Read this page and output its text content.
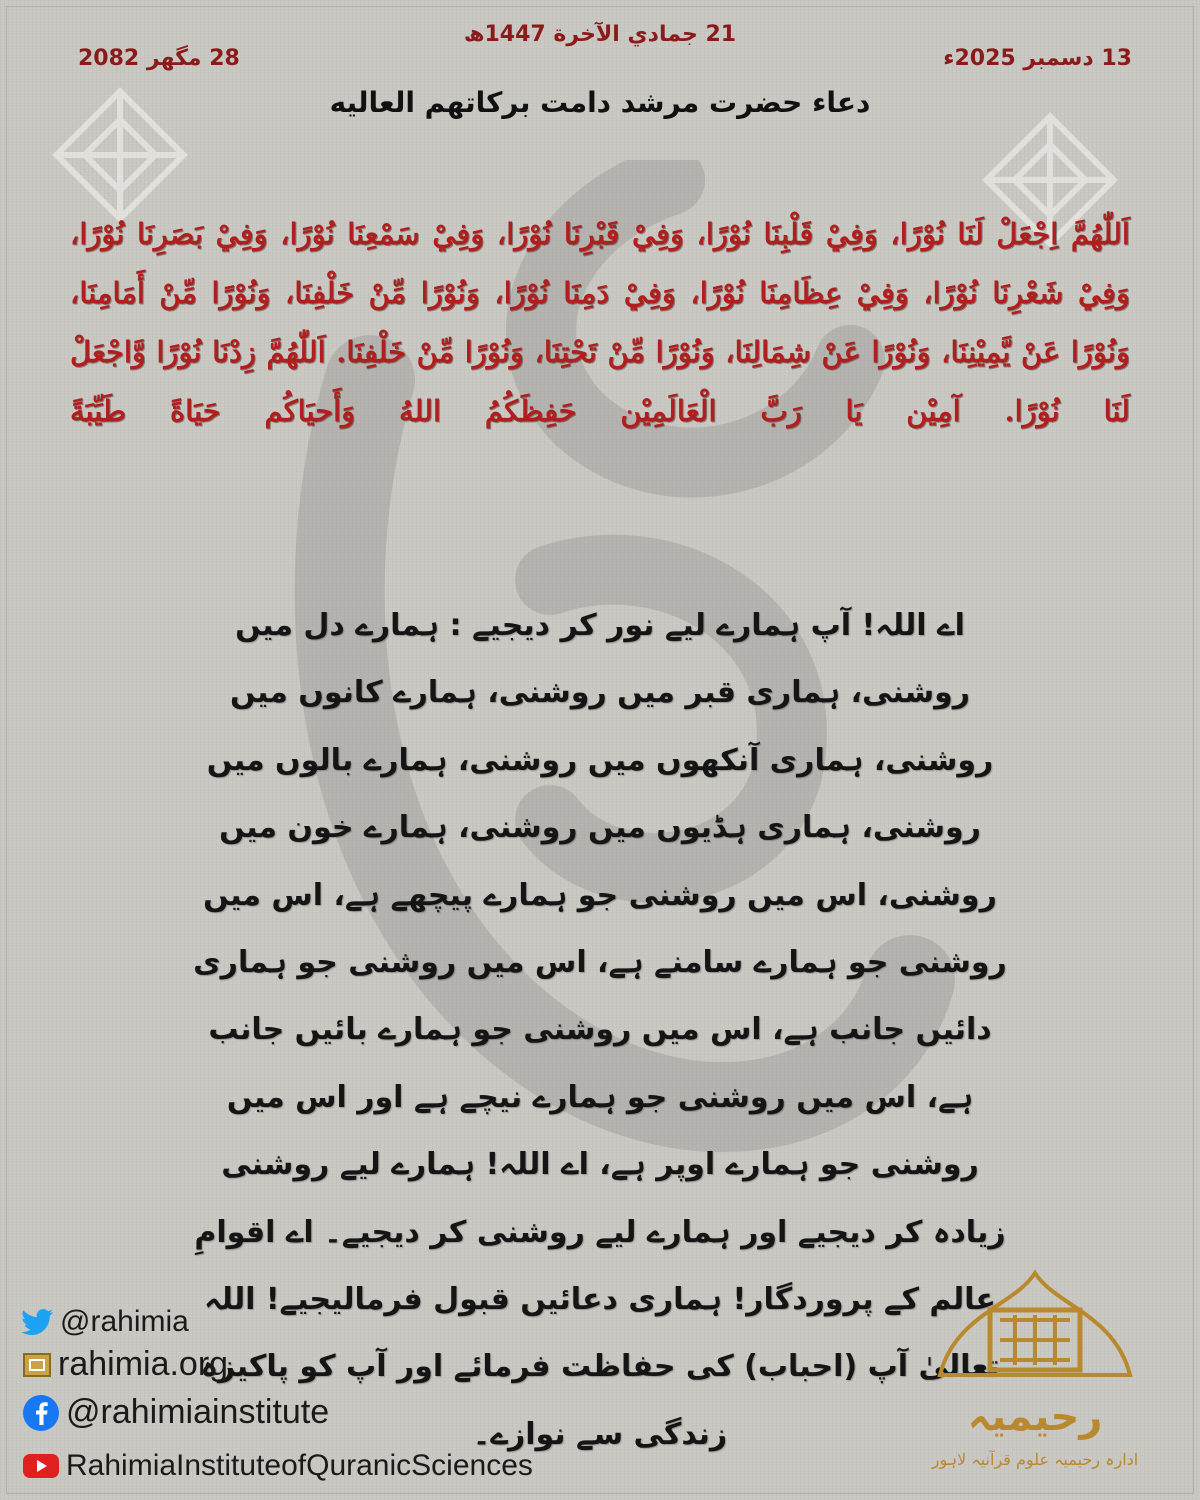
21 جمادي الآخرة 1447ھ
28 مگھر 2082	13 دسمبر 2025ء
دعاء حضرت مرشد دامت برکاتهم العاليه
اَللّٰهُمَّ اِجْعَلْ لَنَا نُوْرًا، وَفِيْ قَلْبِنَا نُوْرًا، وَفِيْ قَبْرِنَا نُوْرًا، وَفِيْ سَمْعِنَا نُوْرًا، وَفِيْ بَصَرِنَا نُوْرًا، وَفِيْ شَعْرِنَا نُوْرًا، وَفِيْ عِظَامِنَا نُوْرًا، وَفِيْ دَمِنَا نُوْرًا، وَنُوْرًا مِّنْ خَلْفِنَا، وَنُوْرًا مِّنْ أَمَامِنَا، وَنُوْرًا عَنْ يَّمِيْنِنَا، وَنُوْرًا عَنْ شِمَالِنَا، وَنُوْرًا مِّنْ تَحْتِنَا، وَنُوْرًا مِّنْ خَلْفِنَا. اَللّٰهُمَّ زِدْنَا نُوْرًا وَّاجْعَلْ لَنَا نُوْرًا. آمِيْن يَا رَبَّ الْعَالَمِيْن حَفِظَكُمُ اللهُ وَأَحيَاكُم حَيَاةً طَيِّبَةً
اے اللہ! آپ ہمارے لیے نور کر دیجیے : ہمارے دل میں روشنی، ہماری قبر میں روشنی، ہمارے کانوں میں روشنی، ہماری آنکھوں میں روشنی، ہمارے بالوں میں روشنی، ہماری ہڈیوں میں روشنی، ہمارے خون میں روشنی، اس میں روشنی جو ہمارے پیچھے ہے، اس میں روشنی جو ہمارے سامنے ہے، اس میں روشنی جو ہماری دائیں جانب ہے، اس میں روشنی جو ہمارے بائیں جانب ہے، اس میں روشنی جو ہمارے نیچے ہے اور اس میں روشنی جو ہمارے اوپر ہے، اے اللہ! ہمارے لیے روشنی زیادہ کر دیجیے اور ہمارے لیے روشنی کر دیجیے۔ اے اقوامِ عالم کے پروردگار! ہماری دعائیں قبول فرمالیجیے! اللہ تعالیٰ آپ (احباب) کی حفاظت فرمائے اور آپ کو پاکیزہ زندگی سے نوازے۔
@rahimia
rahimia.org
@rahimiainstitute
RahimiaInstituteofQuranicSciences
رحیمیہ
ادارہ رحیمیہ علوم قرآنیہ لاہور
